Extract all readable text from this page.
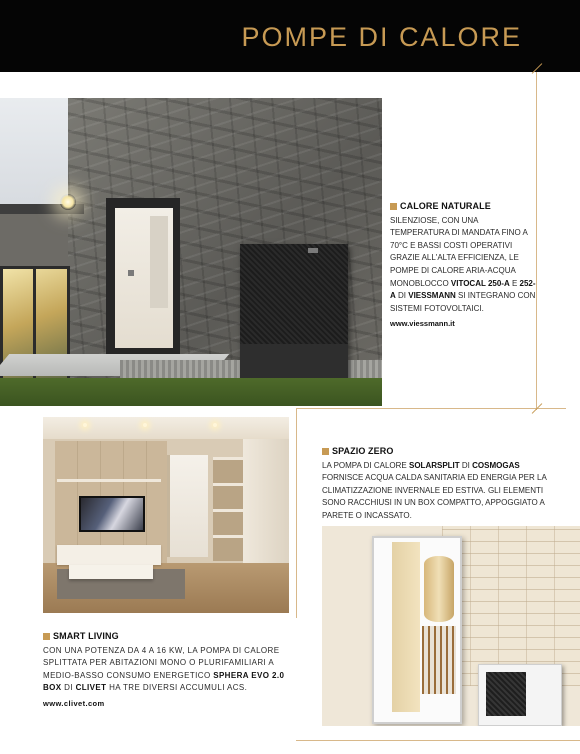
POMPE DI CALORE
CALORE NATURALE
SILENZIOSE, CON UNA TEMPERATURA DI MANDATA FINO A 70°C E BASSI COSTI OPERATIVI GRAZIE ALL'ALTA EFFICIENZA, LE POMPE DI CALORE ARIA-ACQUA MONOBLOCCO VITOCAL 250-A E 252-A DI VIESSMANN SI INTEGRANO CON SISTEMI FOTOVOLTAICI.
www.viessmann.it
SPAZIO ZERO
LA POMPA DI CALORE SOLARSPLIT DI COSMOGAS FORNISCE ACQUA CALDA SANITARIA ED ENERGIA PER LA CLIMATIZZAZIONE INVERNALE ED ESTIVA. GLI ELEMENTI SONO RACCHIUSI IN UN BOX COMPATTO, APPOGGIATO A PARETE O INCASSATO.
SMART LIVING
CON UNA POTENZA DA 4 A 16 KW, LA POMPA DI CALORE SPLITTATA PER ABITAZIONI MONO O PLURIFAMILIARI A MEDIO-BASSO CONSUMO ENERGETICO SPHERA EVO 2.0 BOX DI CLIVET HA TRE DIVERSI ACCUMULI ACS.
www.clivet.com
